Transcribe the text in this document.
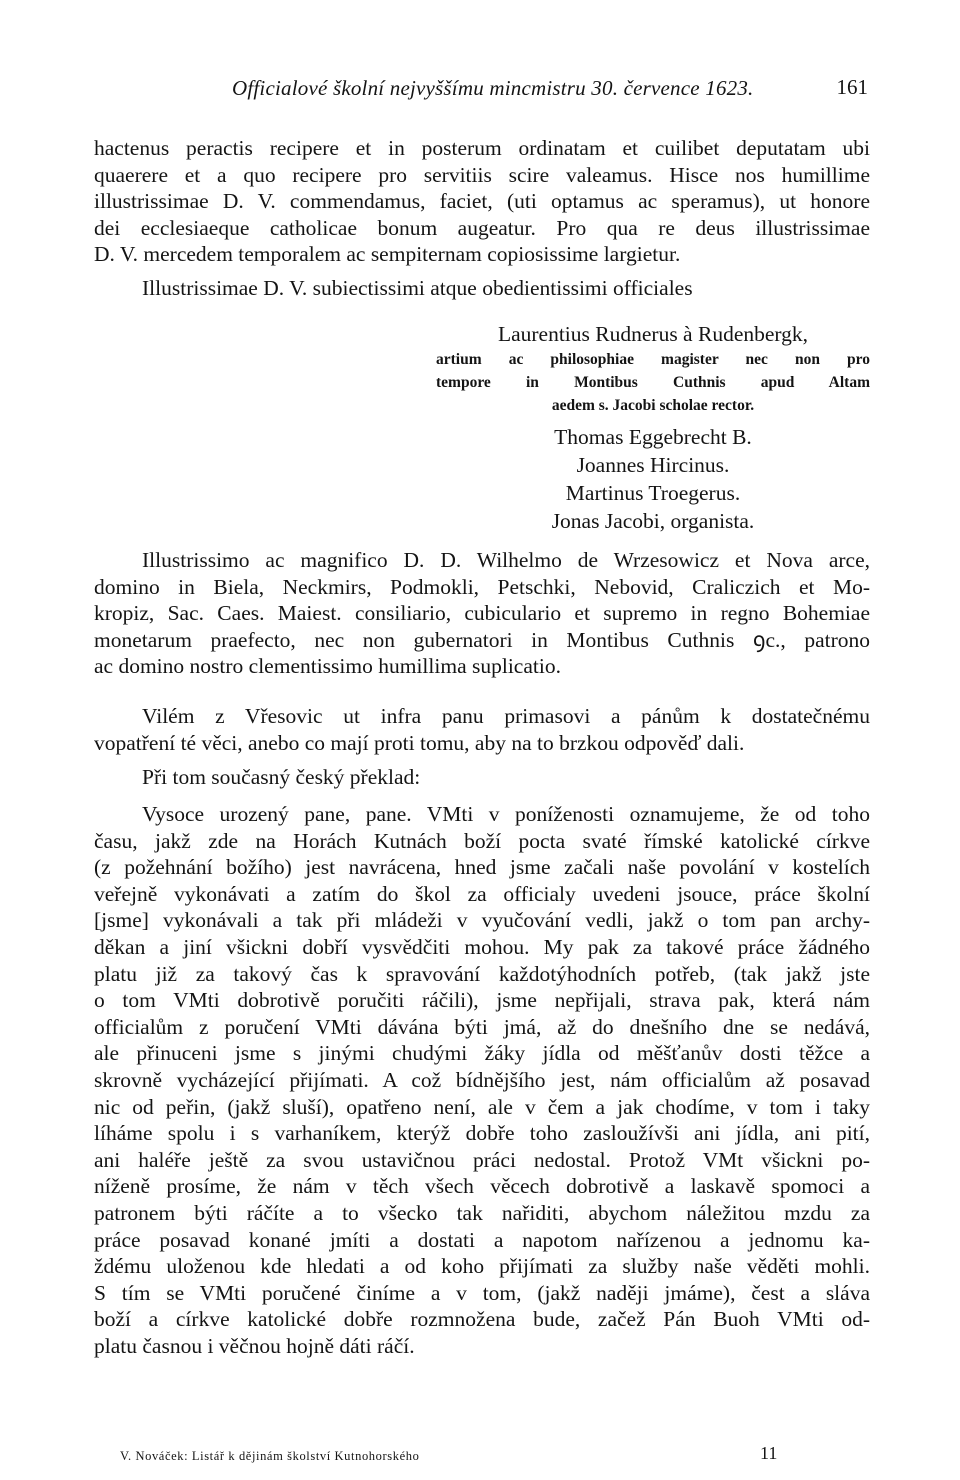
Officialové školní nejvyššímu mincmistru 30. července 1623.	161
hactenus peractis recipere et in posterum ordinatam et cuilibet deputatam ubi
quaerere et a quo recipere pro servitiis scire valeamus. Hisce nos humillime
illustrissimae D. V. commendamus, faciet, (uti optamus ac speramus), ut honore
dei ecclesiaeque catholicae bonum augeatur. Pro qua re deus illustrissimae
D. V. mercedem temporalem ac sempiternam copiosissime largietur.
Illustrissimae D. V. subiectissimi atque obedientissimi officiales
Laurentius Rudnerus à Rudenbergk,
artium ac philosophiae magister nec non pro
tempore in Montibus Cuthnis apud Altam
aedem s. Jacobi scholae rector.
Thomas Eggebrecht B.
Joannes Hircinus.
Martinus Troegerus.
Jonas Jacobi, organista.
Illustrissimo ac magnifico D. D. Wilhelmo de Wrzesowicz et Nova arce,
domino in Biela, Neckmirs, Podmokli, Petschki, Nebovid, Craliczich et Mo-
kropiz, Sac. Caes. Maiest. consiliario, cubiculario et supremo in regno Bohemiae
monetarum praefecto, nec non gubernatori in Montibus Cuthnis ꝯc., patrono
ac domino nostro clementissimo humillima suplicatio.
Vilém z Vřesovic ut infra panu primasovi a pánům k dostatečnému
vopatření té věci, anebo co mají proti tomu, aby na to brzkou odpověď dali.
Při tom současný český překlad:
Vysoce urozený pane, pane. VMti v poníženosti oznamujeme, že od toho
času, jakž zde na Horách Kutnách boží pocta svaté římské katolické církve
(z požehnání božího) jest navrácena, hned jsme začali naše povolání v kostelích
veřejně vykonávati a zatím do škol za officialy uvedeni jsouce, práce školní
[jsme] vykonávali a tak při mládeži v vyučování vedli, jakž o tom pan archy-
děkan a jiní všickni dobří vysvědčiti mohou. My pak za takové práce žádného
platu již za takový čas k spravování každotýhodních potřeb, (tak jakž jste
o tom VMti dobrotivě poručiti ráčili), jsme nepřijali, strava pak, která nám
officialům z poručení VMti dávána býti jmá, až do dnešního dne se nedává,
ale přinuceni jsme s jinými chudými žáky jídla od měšťanův dosti těžce a
skrovně vycházející přijímati. A což bídnějšího jest, nám officialům až posavad
nic od peřin, (jakž sluší), opatřeno není, ale v čem a jak chodíme, v tom i taky
líháme spolu i s varhaníkem, kterýž dobře toho zasloužívši ani jídla, ani pití,
ani haléře ještě za svou ustavičnou práci nedostal. Protož VMt všickni po-
níženě prosíme, že nám v těch všech věcech dobrotivě a laskavě spomoci a
patronem býti ráčíte a to všecko tak nařiditi, abychom náležitou mzdu za
práce posavad konané jmíti a dostati a napotom nařízenou a jednomu ka-
ždému uloženou kde hledati a od koho přijímati za služby naše věděti mohli.
S tím se VMti poručené činíme a v tom, (jakž naději jmáme), čest a sláva
boží a církve katolické dobře rozmnožena bude, začež Pán Buoh VMti od-
platu časnou i věčnou hojně dáti ráčí.
V. Nováček: Listář k dějinám školství Kutnohorského	11
